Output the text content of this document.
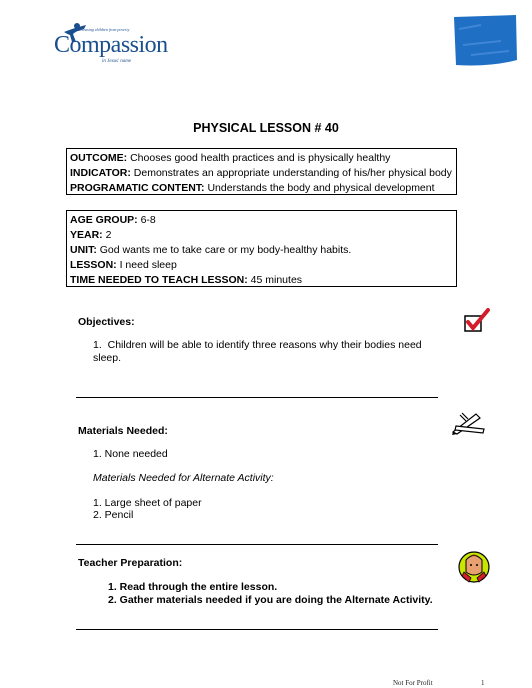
Releasing children from poverty
Compassion
in Jesus' name
PHYSICAL LESSON # 40
OUTCOME: Chooses good health practices and is physically healthy
INDICATOR: Demonstrates an appropriate understanding of his/her physical body
PROGRAMATIC CONTENT: Understands the body and physical development
AGE GROUP: 6-8
YEAR: 2
UNIT: God wants me to take care or my body-healthy habits.
LESSON: I need sleep
TIME NEEDED TO TEACH LESSON: 45 minutes
Objectives:
1. Children will be able to identify three reasons why their bodies need
sleep.
Materials Needed:
1. None needed
Materials Needed for Alternate Activity:
1. Large sheet of paper
2. Pencil
Teacher Preparation:
1. Read through the entire lesson.
2. Gather materials needed if you are doing the Alternate Activity.
Not For Profit	1
